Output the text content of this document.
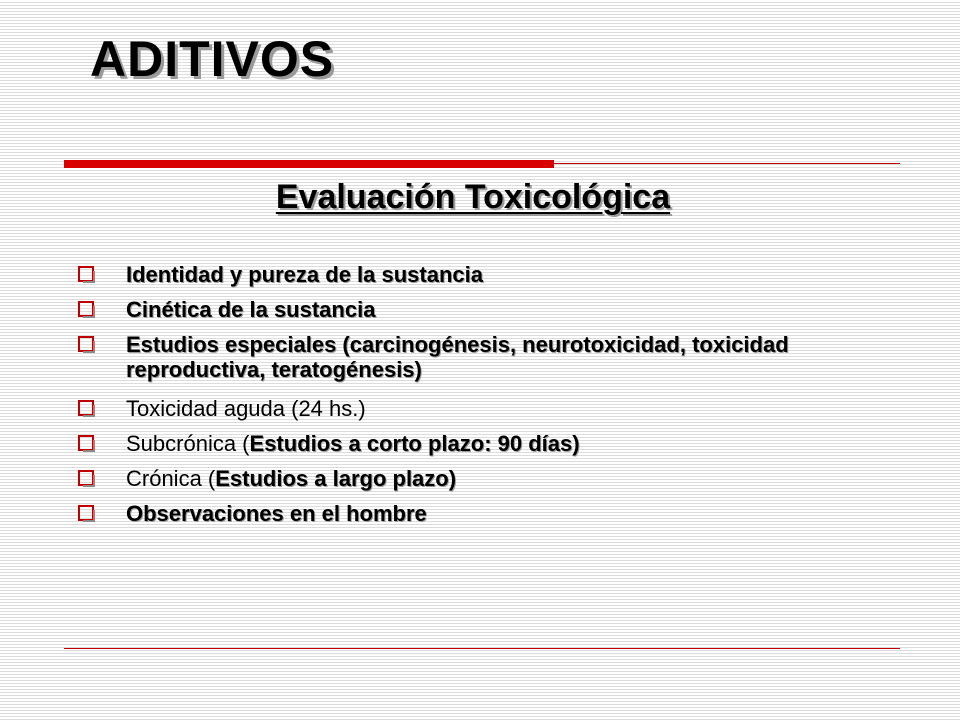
ADITIVOS
Evaluación Toxicológica
Identidad y pureza de la sustancia
Cinética de la sustancia
Estudios especiales (carcinogénesis, neurotoxicidad, toxicidad reproductiva, teratogénesis)
Toxicidad aguda (24 hs.)
Subcrónica (Estudios a corto plazo: 90 días)
Crónica (Estudios a largo plazo)
Observaciones en el hombre
